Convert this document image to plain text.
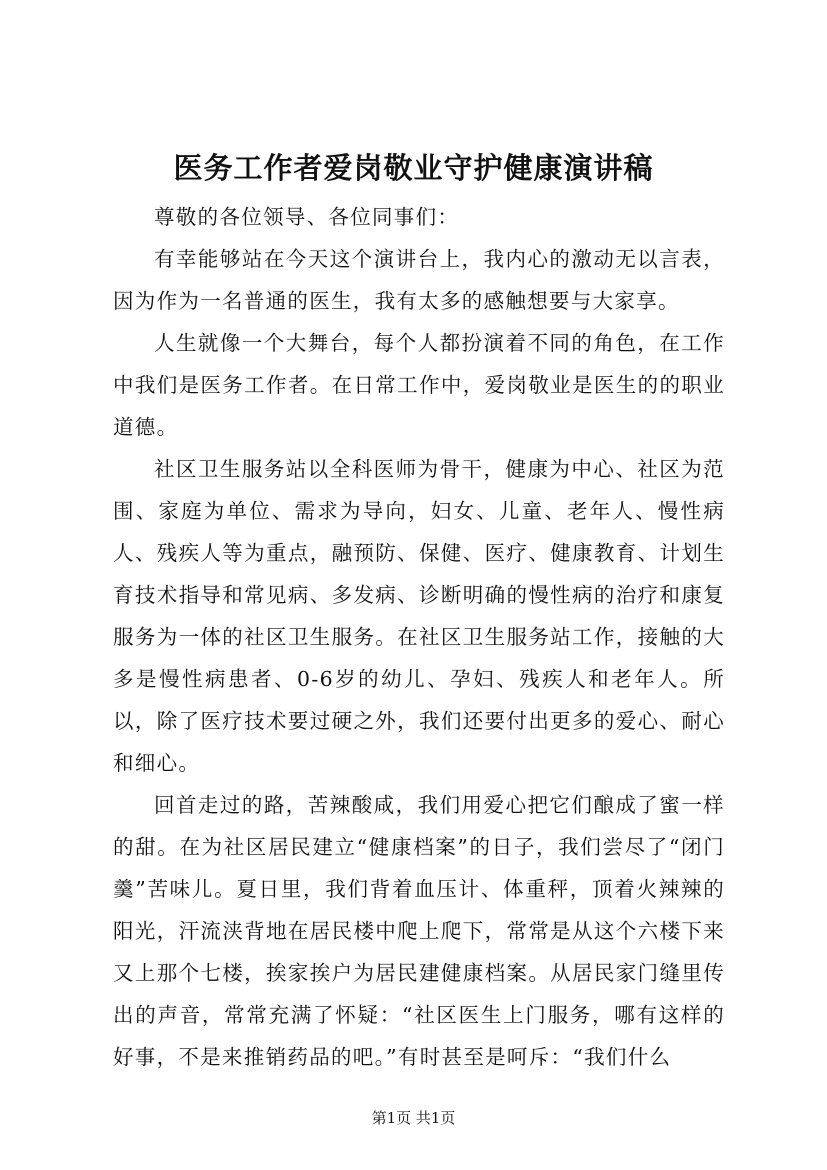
医务工作者爱岗敬业守护健康演讲稿

尊敬的各位领导、各位同事们：

有幸能够站在今天这个演讲台上，我内心的激动无以言表，因为作为一名普通的医生，我有太多的感触想要与大家享。

人生就像一个大舞台，每个人都扮演着不同的角色，在工作中我们是医务工作者。在日常工作中，爱岗敬业是医生的的职业道德。

社区卫生服务站以全科医师为骨干，健康为中心、社区为范围、家庭为单位、需求为导向，妇女、儿童、老年人、慢性病人、残疾人等为重点，融预防、保健、医疗、健康教育、计划生育技术指导和常见病、多发病、诊断明确的慢性病的治疗和康复服务为一体的社区卫生服务。在社区卫生服务站工作，接触的大多是慢性病患者、0-6岁的幼儿、孕妇、残疾人和老年人。所以，除了医疗技术要过硬之外，我们还要付出更多的爱心、耐心和细心。

回首走过的路，苦辣酸咸，我们用爱心把它们酿成了蜜一样的甜。在为社区居民建立“健康档案”的日子，我们尝尽了“闭门羹”苦味儿。夏日里，我们背着血压计、体重秤，顶着火辣辣的阳光，汗流浃背地在居民楼中爬上爬下，常常是从这个六楼下来又上那个七楼，挨家挨户为居民建健康档案。从居民家门缝里传出的声音，常常充满了怀疑：“社区医生上门服务，哪有这样的好事，不是来推销药品的吧。”有时甚至是呵斥：“我们什么

第1页 共1页
